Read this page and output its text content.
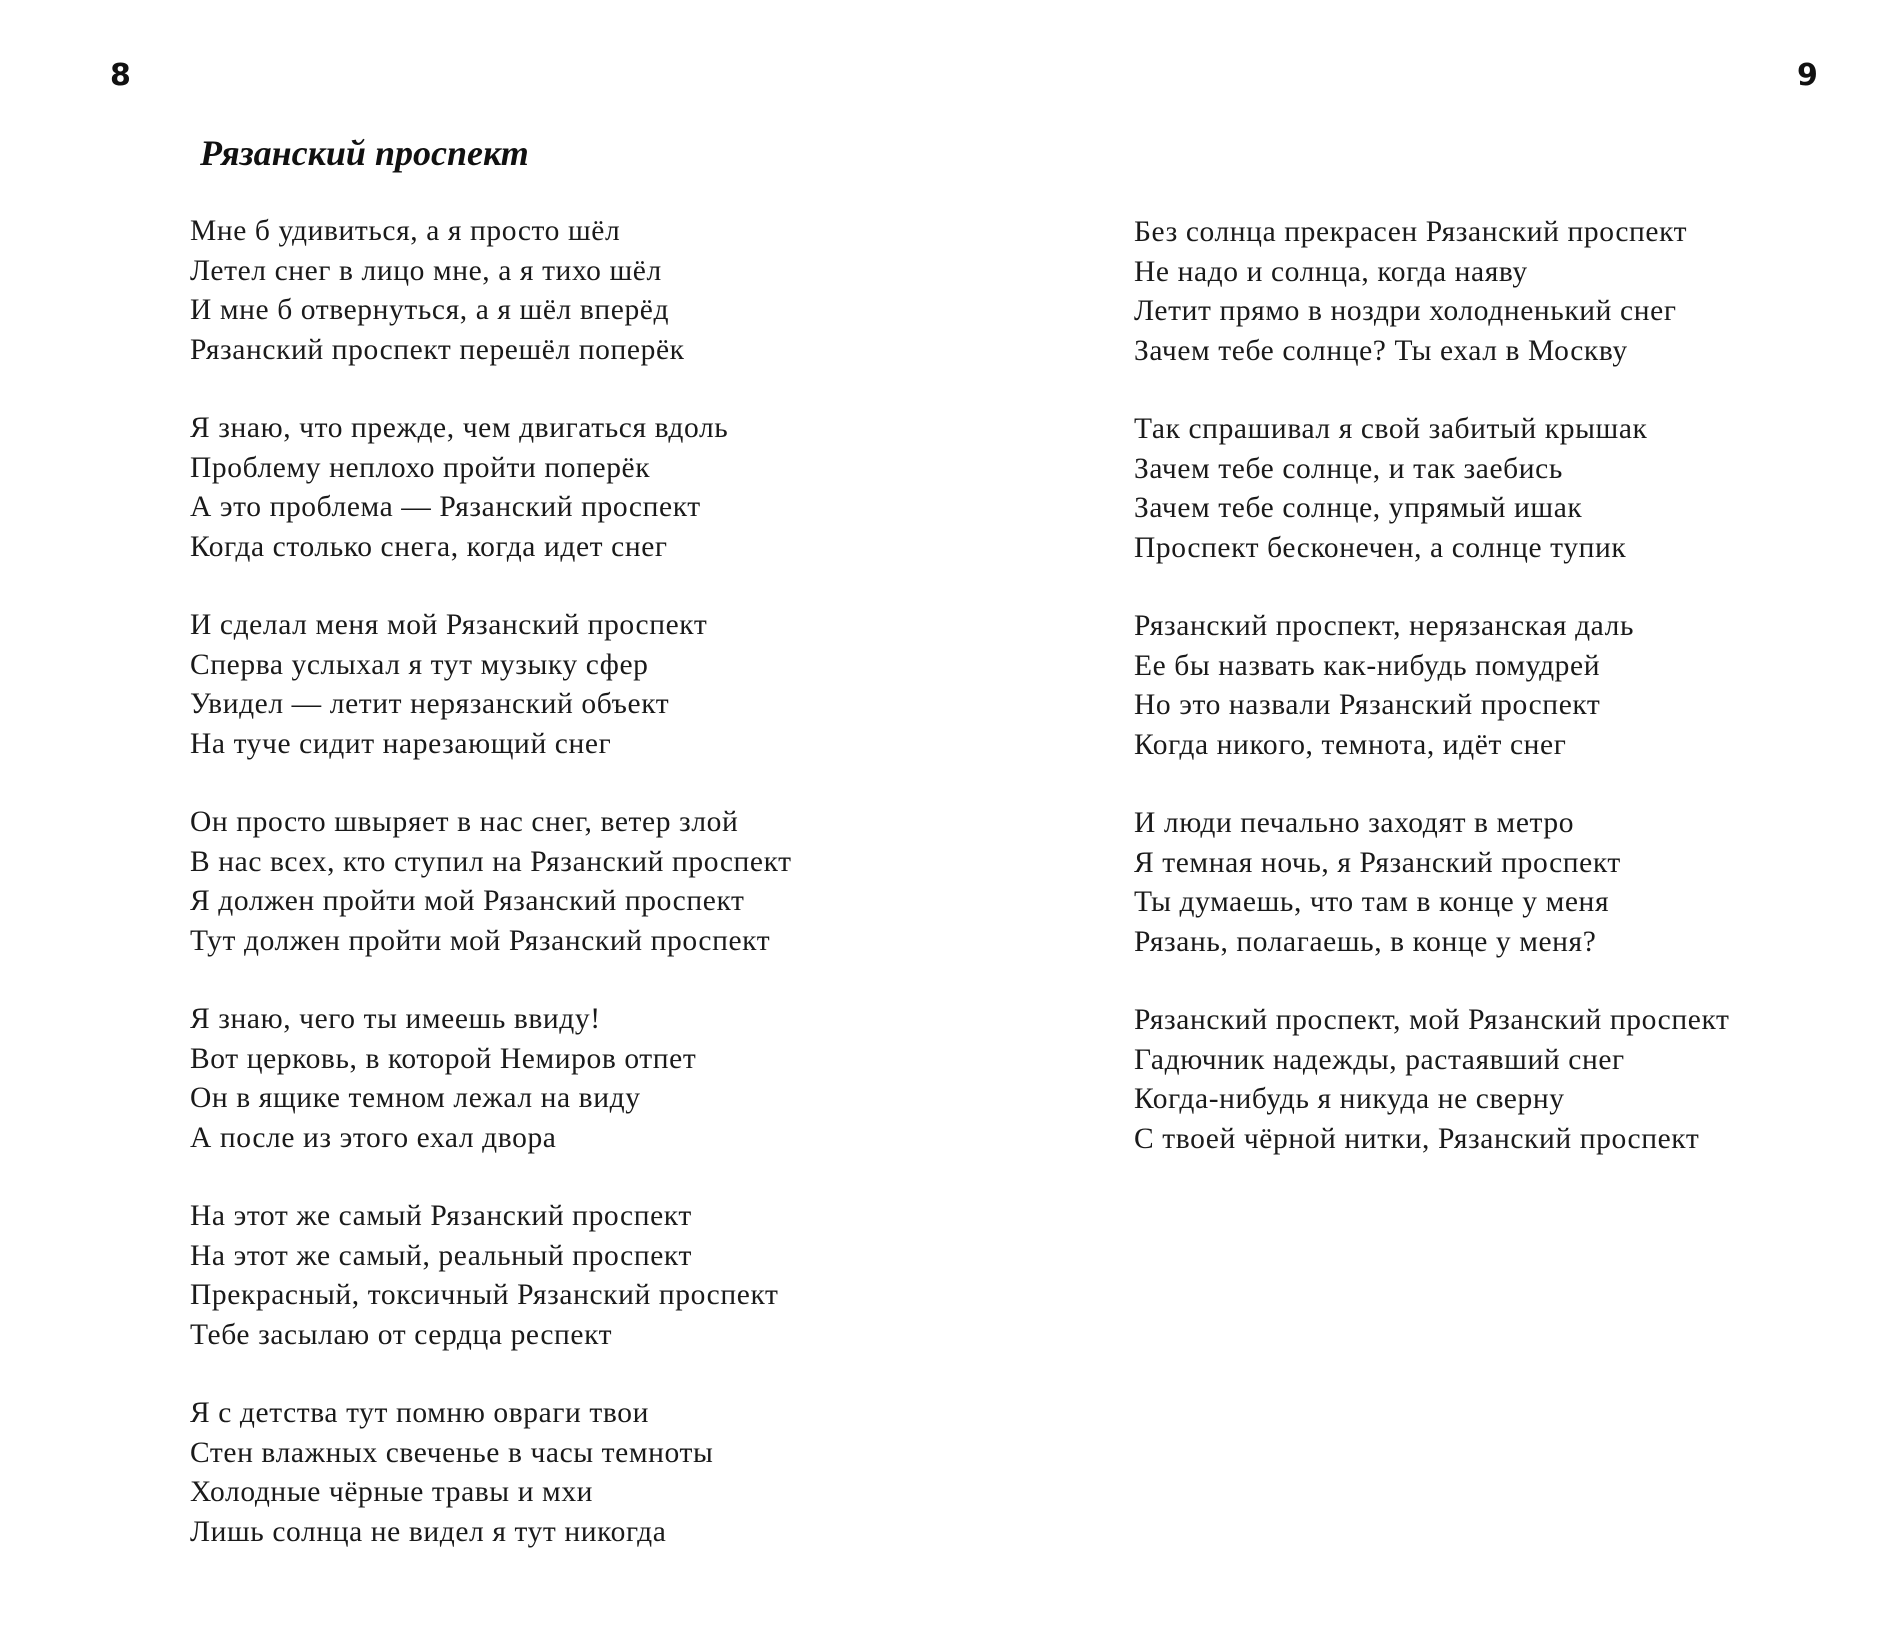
8	9
Рязанский проспект
Мне б удивиться, а я просто шёл
Летел снег в лицо мне, а я тихо шёл
И мне б отвернуться, а я шёл вперёд
Рязанский проспект перешёл поперёк
Я знаю, что прежде, чем двигаться вдоль
Проблему неплохо пройти поперёк
А это проблема — Рязанский проспект
Когда столько снега, когда идет снег
И сделал меня мой Рязанский проспект
Сперва услыхал я тут музыку сфер
Увидел — летит нерязанский объект
На туче сидит нарезающий снег
Он просто швыряет в нас снег, ветер злой
В нас всех, кто ступил на Рязанский проспект
Я должен пройти мой Рязанский проспект
Тут должен пройти мой Рязанский проспект
Я знаю, чего ты имеешь ввиду!
Вот церковь, в которой Немиров отпет
Он в ящике темном лежал на виду
А после из этого ехал двора
На этот же самый Рязанский проспект
На этот же самый, реальный проспект
Прекрасный, токсичный Рязанский проспект
Тебе засылаю от сердца респект
Я с детства тут помню овраги твои
Стен влажных свеченье в часы темноты
Холодные чёрные травы и мхи
Лишь солнца не видел я тут никогда
Без солнца прекрасен Рязанский проспект
Не надо и солнца, когда наяву
Летит прямо в ноздри холодненький снег
Зачем тебе солнце? Ты ехал в Москву
Так спрашивал я свой забитый крышак
Зачем тебе солнце, и так заебись
Зачем тебе солнце, упрямый ишак
Проспект бесконечен, а солнце тупик
Рязанский проспект, нерязанская даль
Ее бы назвать как-нибудь помудрей
Но это назвали Рязанский проспект
Когда никого, темнота, идёт снег
И люди печально заходят в метро
Я темная ночь, я Рязанский проспект
Ты думаешь, что там в конце у меня
Рязань, полагаешь, в конце у меня?
Рязанский проспект, мой Рязанский проспект
Гадючник надежды, растаявший снег
Когда-нибудь я никуда не сверну
С твоей чёрной нитки, Рязанский проспект
